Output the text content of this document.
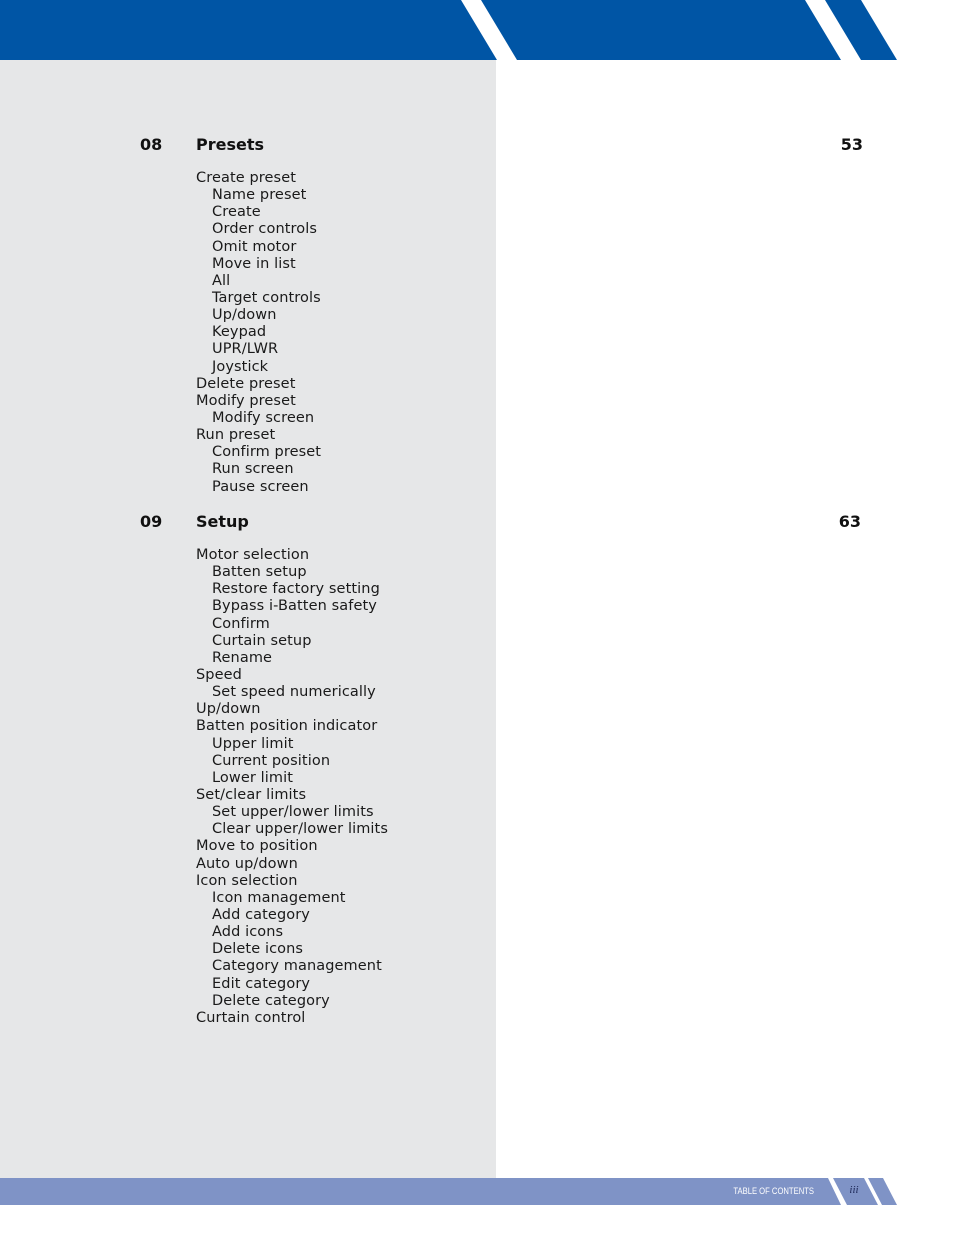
08 Presets	53
Create preset
Name preset
Create
Order controls
Omit motor
Move in list
All
Target controls
Up/down
Keypad
UPR/LWR
Joystick
Delete preset
Modify preset
Modify screen
Run preset
Confirm preset
Run screen
Pause screen
09 Setup	63
Motor selection
Batten setup
Restore factory setting
Bypass i-Batten safety
Confirm
Curtain setup
Rename
Speed
Set speed numerically
Up/down
Batten position indicator
Upper limit
Current position
Lower limit
Set/clear limits
Set upper/lower limits
Clear upper/lower limits
Move to position
Auto up/down
Icon selection
Icon management
Add category
Add icons
Delete icons
Category management
Edit category
Delete category
Curtain control
TABLE OF CONTENTS	iii
